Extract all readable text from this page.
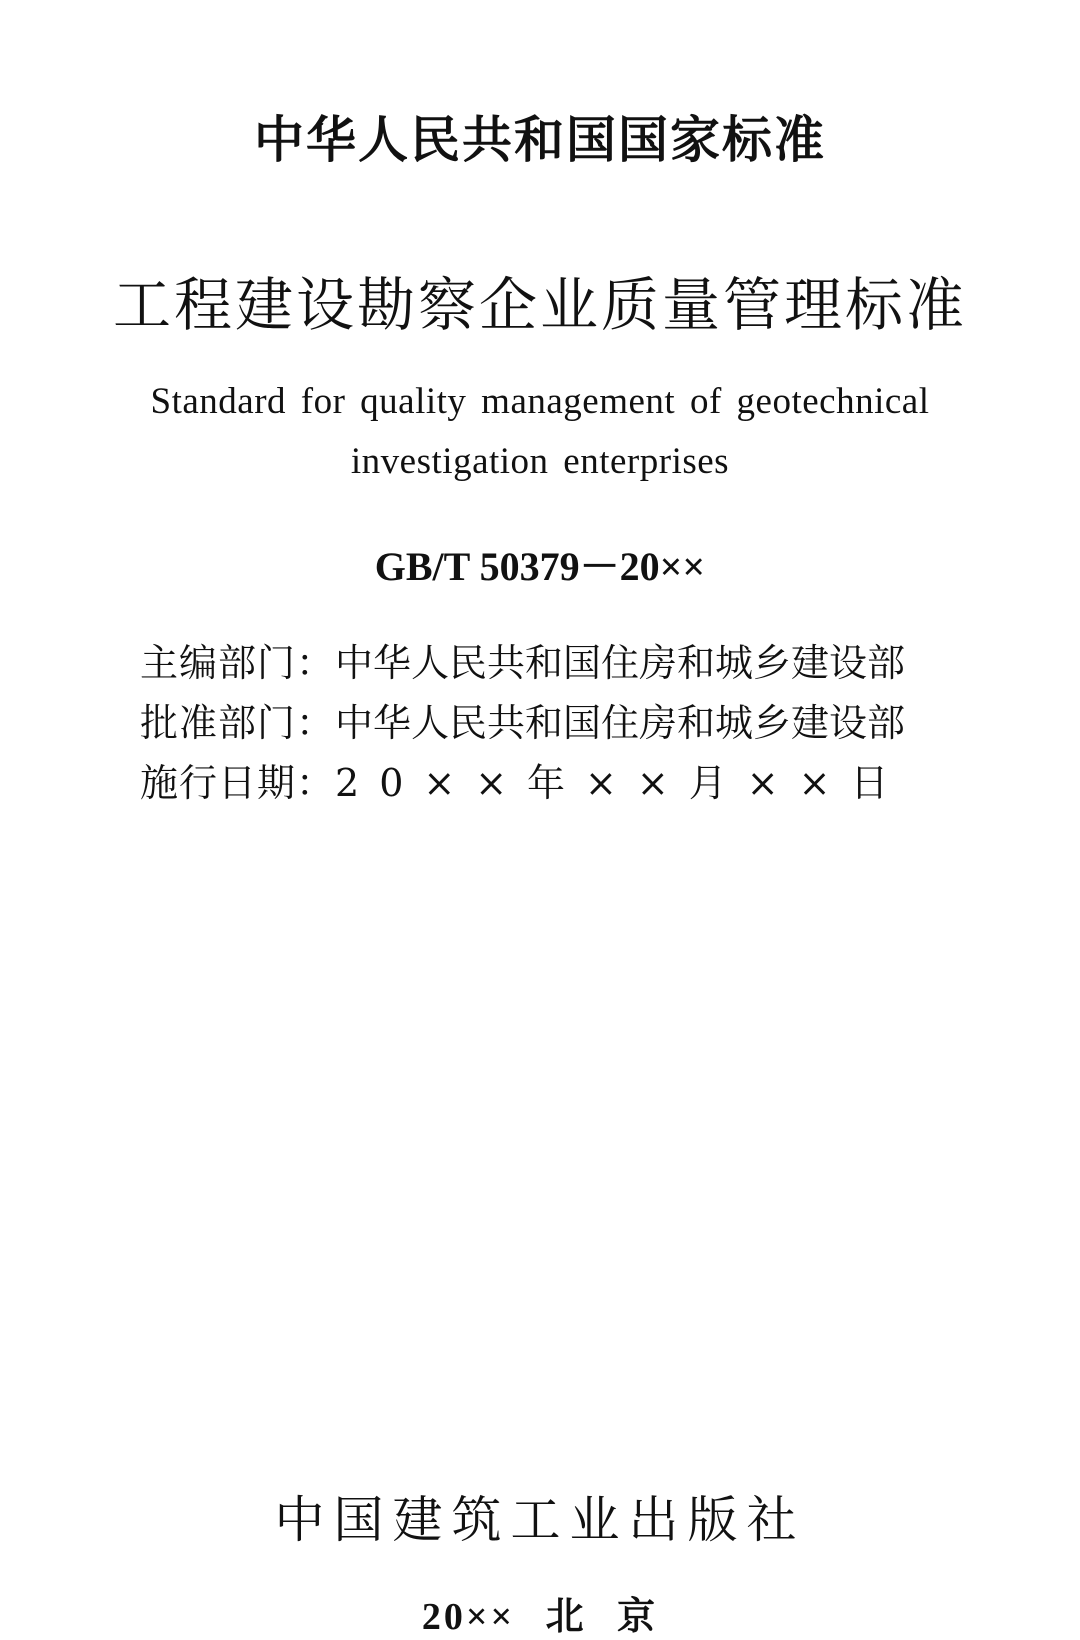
中华人民共和国国家标准
工程建设勘察企业质量管理标准
Standard for quality management of geotechnical
investigation enterprises
GB/T 50379－20××
主编部门：中华人民共和国住房和城乡建设部
批准部门：中华人民共和国住房和城乡建设部
施行日期：20××年××月××日
中国建筑工业出版社
20×× 北 京
